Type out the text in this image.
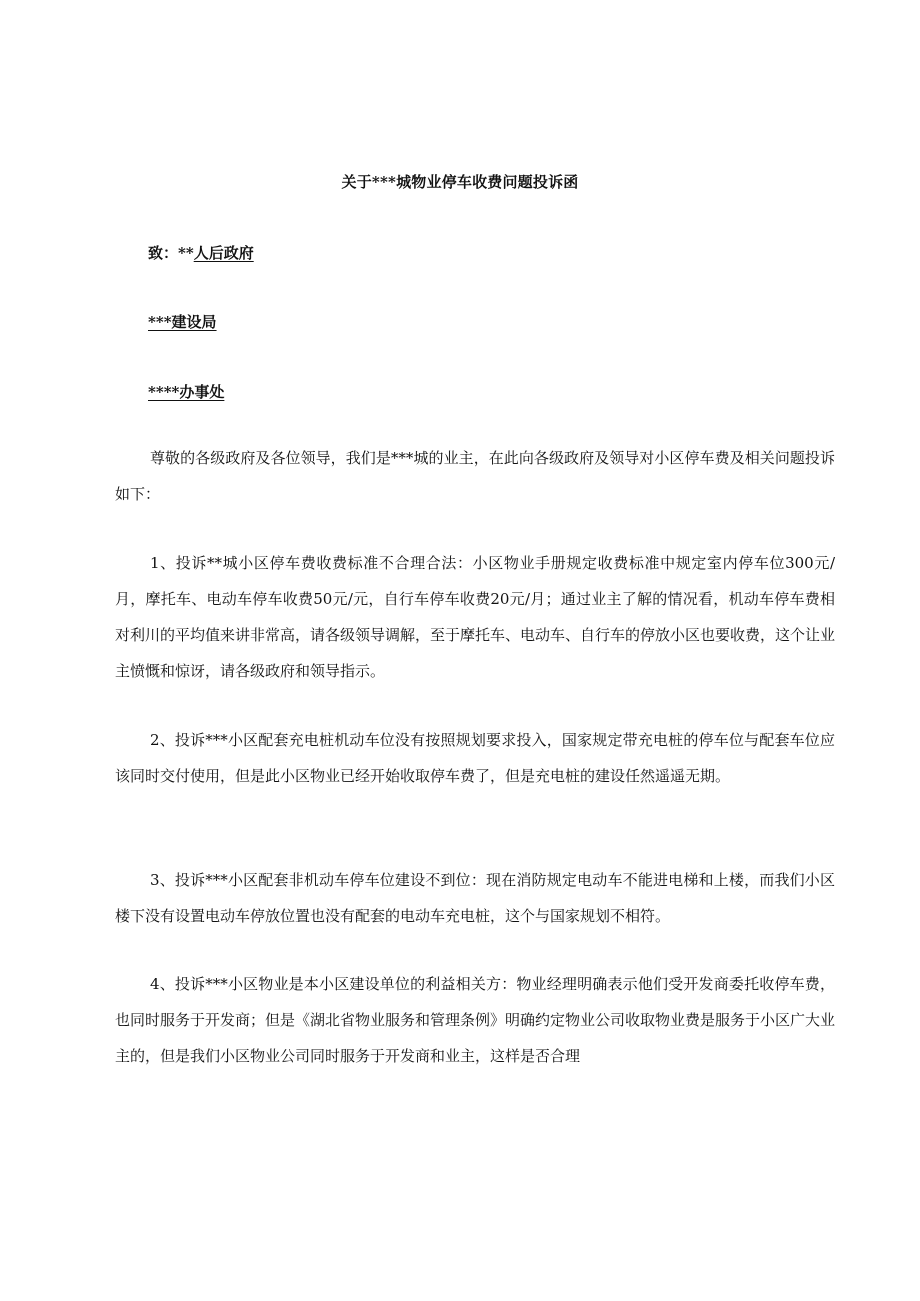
关于***城物业停车收费问题投诉函
致：**人后政府
***建设局
****办事处

尊敬的各级政府及各位领导，我们是***城的业主，在此向各级政府及领导对小区停车费及相关问题投诉如下：

1、投诉**城小区停车费收费标准不合理合法：小区物业手册规定收费标准中规定室内停车位300元/月，摩托车、电动车停车收费50元/元，自行车停车收费20元/月；通过业主了解的情况看，机动车停车费相对利川的平均值来讲非常高，请各级领导调解，至于摩托车、电动车、自行车的停放小区也要收费，这个让业主愤慨和惊讶，请各级政府和领导指示。

2、投诉***小区配套充电桩机动车位没有按照规划要求投入，国家规定带充电桩的停车位与配套车位应该同时交付使用，但是此小区物业已经开始收取停车费了，但是充电桩的建设任然遥遥无期。

3、投诉***小区配套非机动车停车位建设不到位：现在消防规定电动车不能进电梯和上楼，而我们小区楼下没有设置电动车停放位置也没有配套的电动车充电桩，这个与国家规划不相符。

4、投诉***小区物业是本小区建设单位的利益相关方：物业经理明确表示他们受开发商委托收停车费，也同时服务于开发商；但是《湖北省物业服务和管理条例》明确约定物业公司收取物业费是服务于小区广大业主的，但是我们小区物业公司同时服务于开发商和业主，这样是否合理
